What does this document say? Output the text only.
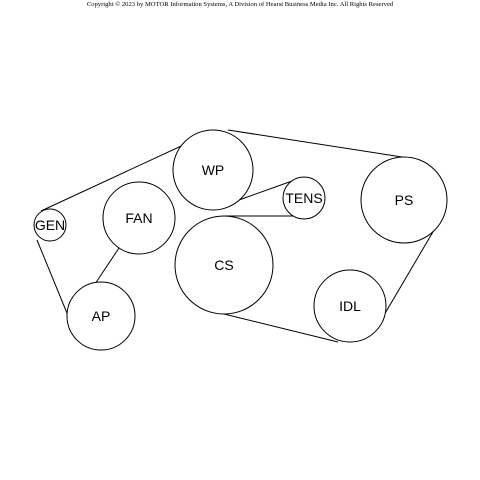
Copyright © 2023 by MOTOR Information Systems, A Division of Hearst Business Media Inc. All Rights Reserved
WP
TENS	PS
GEN	FAN
CS
IDL
AP
